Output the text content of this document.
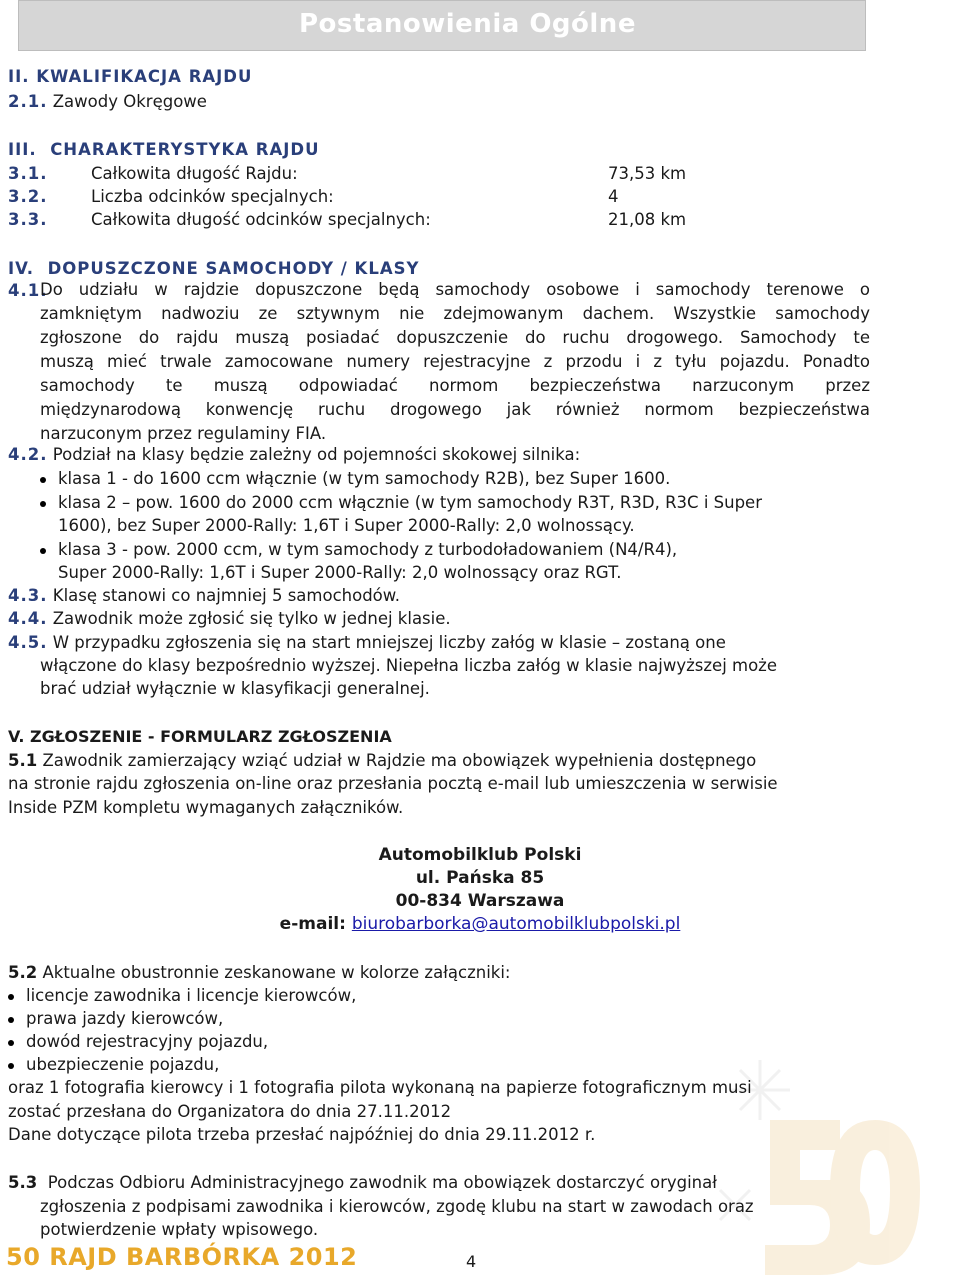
Postanowienia Ogólne
II. KWALIFIKACJA RAJDU
2.1. Zawody Okręgowe
III. CHARAKTERYSTYKA RAJDU
3.1.	Całkowita długość Rajdu:	73,53 km
3.2.	Liczba odcinków specjalnych:	4
3.3.	Całkowita długość odcinków specjalnych:	21,08 km
IV. DOPUSZCZONE SAMOCHODY / KLASY
4.1.
Do udziału w rajdzie dopuszczone będą samochody osobowe i samochody terenowe o
zamkniętym nadwoziu ze sztywnym nie zdejmowanym dachem. Wszystkie samochody
zgłoszone do rajdu muszą posiadać dopuszczenie do ruchu drogowego. Samochody te
muszą mieć trwale zamocowane numery rejestracyjne z przodu i z tyłu pojazdu. Ponadto
samochody te muszą odpowiadać normom bezpieczeństwa narzuconym przez
międzynarodową konwencję ruchu drogowego jak również normom bezpieczeństwa
narzuconym przez regulaminy FIA.
4.2. Podział na klasy będzie zależny od pojemności skokowej silnika:
klasa 1 - do 1600 ccm włącznie (w tym samochody R2B), bez Super 1600.
klasa 2 – pow. 1600 do 2000 ccm włącznie (w tym samochody R3T, R3D, R3C i Super
1600), bez Super 2000-Rally: 1,6T i Super 2000-Rally: 2,0 wolnossący.
klasa 3 - pow. 2000 ccm, w tym samochody z turbodoładowaniem (N4/R4),
Super 2000-Rally: 1,6T i Super 2000-Rally: 2,0 wolnossący oraz RGT.
4.3. Klasę stanowi co najmniej 5 samochodów.
4.4. Zawodnik może zgłosić się tylko w jednej klasie.
4.5. W przypadku zgłoszenia się na start mniejszej liczby załóg w klasie – zostaną one
włączone do klasy bezpośrednio wyższej. Niepełna liczba załóg w klasie najwyższej może
brać udział wyłącznie w klasyfikacji generalnej.
V. ZGŁOSZENIE - FORMULARZ ZGŁOSZENIA
5.1 Zawodnik zamierzający wziąć udział w Rajdzie ma obowiązek wypełnienia dostępnego
na stronie rajdu zgłoszenia on-line oraz przesłania pocztą e-mail lub umieszczenia w serwisie
Inside PZM kompletu wymaganych załączników.
Automobilklub Polski
ul. Pańska 85
00-834 Warszawa
e-mail: biurobarborka@automobilklubpolski.pl
5.2 Aktualne obustronnie zeskanowane w kolorze załączniki:
licencje zawodnika i licencje kierowców,
prawa jazdy kierowców,
dowód rejestracyjny pojazdu,
ubezpieczenie pojazdu,
oraz 1 fotografia kierowcy i 1 fotografia pilota wykonaną na papierze fotograficznym musi
zostać przesłana do Organizatora do dnia 27.11.2012
Dane dotyczące pilota trzeba przesłać najpóźniej do dnia 29.11.2012 r.
5.3 Podczas Odbioru Administracyjnego zawodnik ma obowiązek dostarczyć oryginał
zgłoszenia z podpisami zawodnika i kierowców, zgodę klubu na start w zawodach oraz
potwierdzenie wpłaty wpisowego.
50 RAJD BARBÓRKA 2012	4
